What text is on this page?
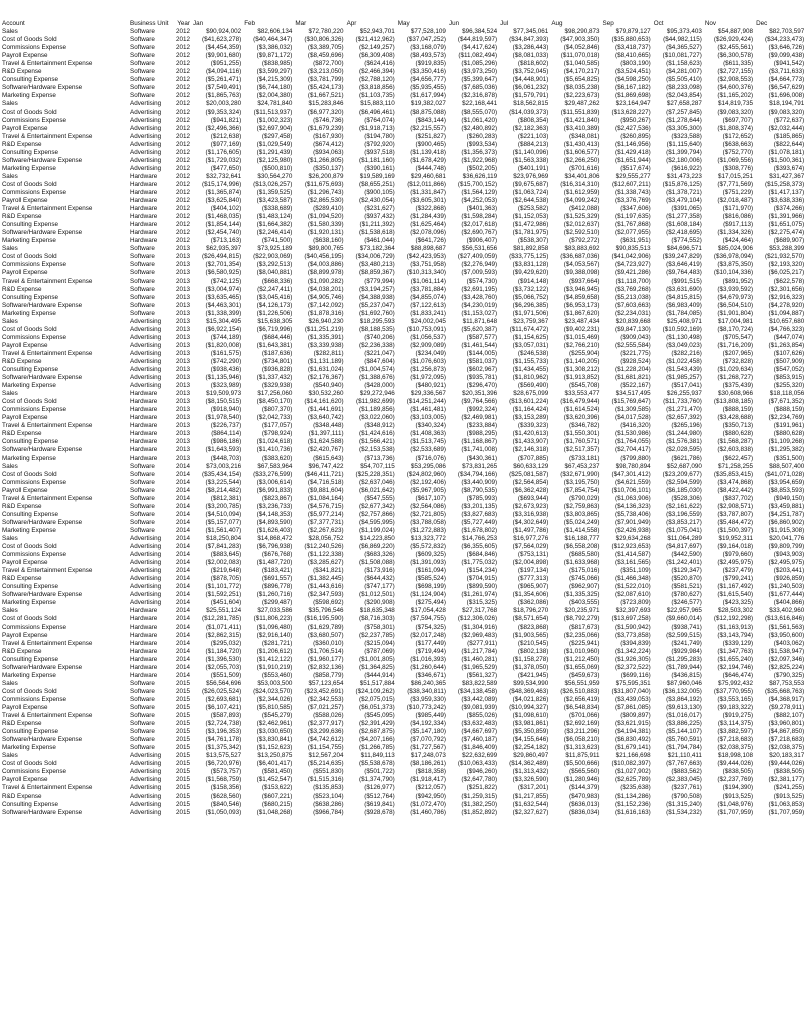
Account	Business Unit	Year	Jan	Feb	Mar	Apr	May	Jun	Jul	Aug	Sep	Oct	Nov	Dec
Sales	Software	2012	$90,924,002	$82,606,134	$72,780,220	$52,943,701	$77,528,109	$96,384,524	$77,345,061	$98,290,873	$79,879,127	$95,373,403	$54,887,908	$82,703,597
Cost of Goods Sold	Software	2012	($41,623,278)	($40,464,347)	($30,806,326)	($21,412,962)	($37,047,252)	($44,819,597)	($34,847,393)	($47,903,350)	($35,880,653)	($44,982,115)	($26,929,424)	($34,233,473)
Commissions Expense	Software	2012	($4,454,359)	($3,386,032)	($3,389,705)	($2,149,257)	($3,168,079)	($4,417,624)	($3,286,443)	($4,052,846)	($3,418,737)	($4,365,527)	($2,455,561)	($3,646,726)
Payroll Expense	Software	2012	($9,901,680)	($9,871,172)	($8,459,696)	($6,309,408)	($8,493,573)	($11,082,494)	($8,081,033)	($11,070,018)	($8,410,665)	($10,081,727)	($6,300,578)	($9,099,438)
Travel & Entertainment Expense	Software	2012	($951,255)	($838,985)	($872,700)	($624,416)	($919,835)	($1,085,296)	($818,602)	($1,040,585)	($803,190)	($1,158,623)	($611,335)	($941,542)
R&D Expense	Software	2012	($4,094,116)	($3,599,297)	($3,213,050)	($2,466,394)	($3,350,416)	($3,973,250)	($3,752,045)	($4,170,217)	($3,524,451)	($4,281,007)	($2,727,155)	($3,711,633)
Consulting Expense	Software	2012	($5,261,471)	($4,215,309)	($3,781,799)	($2,788,120)	($4,656,777)	($5,399,647)	($4,448,901)	($5,654,825)	($4,598,250)	($5,505,410)	($2,908,553)	($4,664,773)
Software/Hardware Expense	Software	2012	($7,549,491)	($6,744,180)	($5,424,173)	($3,818,856)	($5,935,455)	($7,685,036)	($6,061,232)	($8,035,238)	($6,167,182)	($8,233,098)	($4,600,376)	($6,547,629)
Marketing Expense	Software	2012	($1,865,763)	($2,004,380)	($1,667,521)	($1,103,735)	($1,617,994)	($2,316,878)	($1,579,791)	($2,223,673)	($1,869,698)	($2,043,854)	($1,165,202)	($1,696,008)
Sales	Advertising	2012	$20,003,280	$24,781,840	$15,283,846	$15,883,110	$19,382,027	$22,168,441	$18,562,815	$29,487,262	$23,164,947	$27,658,287	$14,819,735	$18,194,791
Cost of Goods Sold	Advertising	2012	($9,353,324)	($11,513,937)	($6,977,320)	($6,496,461)	($8,875,088)	($8,555,070)	($14,039,373)	($11,551,839)	($13,628,227)	($7,257,845)	($9,083,320)	($9,083,320)
Commissions Expense	Advertising	2012	($941,821)	($1,002,323)	($746,736)	($764,074)	($843,144)	($1,061,420)	($808,354)	($1,421,840)	($950,267)	($1,278,644)	($697,707)	($772,637)
Payroll Expense	Advertising	2012	($2,496,366)	($2,697,904)	($1,679,239)	($1,918,713)	($2,215,557)	($2,480,892)	($2,182,363)	($3,410,389)	($2,427,536)	($3,305,300)	($1,808,374)	($2,032,444)
Travel & Entertainment Expense	Advertising	2012	($212,638)	($297,458)	($167,930)	($194,780)	($251,827)	($260,283)	($221,103)	($348,081)	($260,895)	($323,588)	($172,652)	($185,865)
R&D Expense	Advertising	2012	($977,169)	($1,029,549)	($674,412)	($792,920)	($900,465)	($993,534)	($884,213)	($1,430,413)	($1,146,956)	($1,115,640)	($638,663)	($822,644)
Consulting Expense	Advertising	2012	($1,176,605)	($1,291,439)	($934,063)	($937,518)	($1,139,418)	($1,356,373)	($1,140,096)	($1,606,577)	($1,429,418)	($1,399,794)	($752,770)	($1,078,181)
Software/Hardware Expense	Advertising	2012	($1,729,032)	($2,125,980)	($1,266,805)	($1,181,160)	($1,678,429)	($1,922,968)	($1,563,338)	($2,266,250)	($1,651,944)	($2,180,006)	($1,069,556)	($1,500,361)
Marketing Expense	Advertising	2012	($477,650)	($500,810)	($350,137)	($390,161)	($444,748)	($502,205)	($401,191)	($701,616)	($517,674)	($616,922)	($308,776)	($393,674)
Sales	Hardware	2012	$32,732,641	$30,564,270	$26,200,879	$19,589,169	$29,460,681	$36,626,119	$23,976,969	$34,401,806	$29,555,277	$31,473,223	$17,015,251	$31,427,367
Cost of Goods Sold	Hardware	2012	($15,174,996)	($13,026,257)	($11,675,693)	($8,655,251)	($12,011,866)	($15,700,152)	($9,675,687)	($16,314,310)	($12,607,211)	($15,876,125)	($7,771,569)	($15,258,373)
Commissions Expense	Hardware	2012	($1,365,874)	($1,359,525)	($1,296,743)	($900,105)	($1,331,847)	($1,564,129)	($1,063,724)	($1,612,959)	($1,338,743)	($1,378,721)	($751,229)	($1,417,137)
Payroll Expense	Hardware	2012	($3,625,840)	($3,423,587)	($2,865,530)	($2,430,054)	($3,605,301)	($4,252,053)	($2,644,538)	($4,099,242)	($3,376,769)	($3,479,104)	($2,018,487)	($3,638,336)
Travel & Entertainment Expense	Hardware	2012	($404,102)	($338,689)	($289,410)	($231,627)	($322,868)	($401,363)	($253,582)	($412,088)	($347,606)	($391,065)	($171,970)	($374,266)
R&D Expense	Hardware	2012	($1,468,035)	($1,483,124)	($1,094,520)	($937,432)	($1,284,439)	($1,598,284)	($1,152,053)	($1,525,329)	($1,197,635)	($1,277,358)	($816,086)	($1,391,966)
Consulting Expense	Hardware	2012	($1,854,144)	($1,664,382)	($1,580,339)	($1,211,392)	($1,625,464)	($2,017,618)	($1,472,986)	($2,012,637)	($1,767,868)	($1,608,184)	($917,113)	($1,651,075)
Software/Hardware Expense	Hardware	2012	($2,454,740)	($2,246,414)	($1,920,131)	($1,538,618)	($2,078,096)	($2,690,767)	($1,781,975)	($2,592,510)	($2,077,955)	($2,418,695)	($1,334,326)	($2,275,474)
Marketing Expense	Hardware	2012	($713,163)	($741,500)	($638,160)	($461,044)	($641,726)	($906,407)	($538,307)	($792,272)	($631,951)	($774,552)	($424,464)	($689,907)
Sales	Software	2013	$62,935,397	$73,925,189	$89,800,765	$73,182,364	$88,898,687	$56,531,656	$81,892,858	$83,883,692	$90,835,513	$84,696,571	$85,024,906	$53,288,399
Cost of Goods Sold	Software	2013	($26,494,815)	($22,903,069)	($40,456,195)	($34,006,729)	($42,423,953)	($27,409,059)	($33,775,125)	($36,687,036)	($41,042,906)	($39,247,829)	($36,978,094)	($21,932,570)
Commissions Expense	Software	2013	($2,701,354)	($3,292,513)	($4,003,886)	($3,480,213)	($3,751,958)	($2,276,949)	($3,831,128)	($4,053,567)	($4,723,927)	($3,646,419)	($3,875,350)	($2,193,320)
Payroll Expense	Software	2013	($6,580,925)	($8,040,881)	($8,899,978)	($8,859,367)	($10,313,340)	($7,009,593)	($9,429,620)	($9,388,098)	($9,421,286)	($9,764,483)	($10,104,336)	($6,025,217)
Travel & Entertainment Expense	Software	2013	($742,125)	($668,336)	($1,090,282)	($779,994)	($1,061,114)	($574,730)	($914,148)	($937,664)	($1,118,700)	($991,515)	($891,952)	($622,578)
R&D Expense	Software	2013	($3,004,974)	($2,247,411)	($4,038,201)	($3,194,257)	($3,781,884)	($2,691,195)	($3,732,122)	($3,946,945)	($3,769,268)	($3,631,690)	($3,939,592)	($2,301,656)
Consulting Expense	Software	2013	($3,635,465)	($3,045,416)	($4,905,746)	($4,388,938)	($4,855,074)	($3,428,760)	($5,066,752)	($4,859,658)	($5,213,038)	($4,815,815)	($4,679,973)	($2,916,323)
Software/Hardware Expense	Software	2013	($4,463,301)	($4,126,173)	($7,142,092)	($5,237,047)	($7,122,613)	($4,230,019)	($6,296,385)	($6,953,173)	($7,603,663)	($6,983,409)	($6,504,510)	($4,278,920)
Marketing Expense	Software	2013	($1,338,399)	($1,226,506)	($1,878,316)	($1,692,760)	($1,833,241)	($1,153,027)	($1,971,506)	($1,867,620)	($2,234,031)	($1,784,085)	($1,901,804)	($1,094,887)
Sales	Advertising	2013	$15,304,495	$15,638,305	$26,940,230	$18,295,593	$24,002,045	$11,871,648	$23,759,367	$23,487,434	$20,839,668	$25,408,971	$17,004,981	$10,657,680
Cost of Goods Sold	Advertising	2013	($6,922,154)	($6,719,996)	($11,251,219)	($8,188,535)	($10,753,091)	($5,620,387)	($11,674,472)	($9,402,231)	($9,847,130)	($10,592,169)	($8,170,724)	($4,766,323)
Commissions Expense	Advertising	2013	($744,189)	($684,446)	($1,335,391)	($740,206)	($1,056,537)	($587,577)	($1,154,625)	($1,015,469)	($909,043)	($1,130,498)	($705,547)	($447,074)
Payroll Expense	Advertising	2013	($1,820,008)	($1,643,381)	($3,339,938)	($2,236,338)	($2,909,089)	($1,461,544)	($3,057,031)	($2,766,210)	($2,555,584)	($3,049,023)	($1,716,209)	($1,263,854)
Travel & Entertainment Expense	Advertising	2013	($161,575)	($187,636)	($282,811)	($221,047)	($234,049)	($144,005)	($246,538)	($255,904)	($221,775)	($282,216)	($207,965)	($107,626)
R&D Expense	Advertising	2013	($742,290)	($734,801)	($1,131,189)	($847,604)	($1,076,603)	($581,037)	($1,155,733)	($1,140,205)	($928,524)	($1,022,458)	($732,828)	($507,909)
Consulting Expense	Advertising	2013	($938,436)	($936,828)	($1,631,024)	($1,004,574)	($1,256,873)	($602,967)	($1,434,455)	($1,308,212)	($1,228,204)	($1,543,439)	($1,029,634)	($547,052)
Software/Hardware Expense	Advertising	2013	($1,135,946)	($1,337,432)	($2,176,367)	($1,388,676)	($1,972,095)	($935,781)	($1,810,962)	($1,913,852)	($1,681,821)	($1,985,257)	($1,268,727)	($853,915)
Marketing Expense	Advertising	2013	($323,989)	($329,938)	($540,940)	($428,000)	($480,921)	($296,470)	($569,490)	($545,708)	($522,167)	($517,041)	($375,439)	($255,320)
Sales	Hardware	2013	$19,509,973	$17,256,060	$30,532,260	$29,272,946	$29,336,567	$20,351,396	$28,675,099	$33,553,477	$34,517,495	$26,255,937	$30,608,966	$18,118,056
Cost of Goods Sold	Hardware	2013	($8,150,515)	($8,450,170)	($14,161,620)	($11,982,699)	($14,251,244)	($9,764,566)	($13,601,224)	($16,479,944)	($15,769,647)	($11,733,760)	($13,808,185)	($7,671,352)
Commissions Expense	Hardware	2013	($918,940)	($807,370)	($1,441,691)	($1,189,856)	($1,461,481)	($992,324)	($1,164,424)	($1,614,524)	($1,309,585)	($1,271,470)	($888,159)	($888,159)
Payroll Expense	Hardware	2013	($1,978,540)	($2,042,733)	($3,640,742)	($3,022,060)	($3,103,005)	($2,469,981)	($3,153,289)	($3,620,396)	($4,017,528)	($2,657,392)	($3,428,688)	($2,234,769)
Travel & Entertainment Expense	Hardware	2013	($226,737)	($177,057)	($348,448)	($348,912)	($340,324)	($233,884)	($339,323)	($346,782)	($416,320)	($265,196)	($350,713)	($191,961)
R&D Expense	Hardware	2013	($864,114)	($798,924)	($1,397,111)	($1,424,616)	($1,408,363)	($988,295)	($1,420,613)	($1,550,301)	($1,530,986)	($1,244,980)	($880,628)	($880,628)
Consulting Expense	Hardware	2013	($986,186)	($1,024,618)	($1,624,588)	($1,566,421)	($1,513,745)	($1,168,867)	($1,433,907)	($1,760,571)	($1,764,055)	($1,576,381)	($1,568,287)	($1,109,268)
Software/Hardware Expense	Hardware	2013	($1,643,593)	($1,410,736)	($2,420,767)	($2,153,538)	($2,533,689)	($1,741,008)	($2,146,318)	($2,517,357)	($2,704,417)	($2,028,595)	($2,603,838)	($1,295,382)
Marketing Expense	Hardware	2013	($448,703)	($383,620)	($615,643)	($713,736)	($716,076)	($430,361)	($707,885)	($733,181)	($799,880)	($621,786)	($622,457)	($351,500)
Sales	Software	2014	$73,003,216	$67,583,964	$96,747,422	$54,707,115	$53,295,086	$73,831,265	$60,633,129	$67,453,237	$98,780,894	$52,687,090	$71,258,255	$88,507,400
Cost of Goods Sold	Software	2014	($35,434,154)	($33,276,599)	($46,411,721)	($25,228,351)	($24,802,960)	($34,794,166)	($25,081,587)	($32,671,990)	($47,301,412)	($23,209,677)	($35,853,415)	($41,071,028)
Commissions Expense	Software	2014	($3,225,544)	($3,006,614)	($4,716,518)	($2,637,046)	($2,192,406)	($3,440,909)	($2,564,854)	($3,195,750)	($4,621,559)	($2,594,599)	($3,474,868)	($3,954,659)
Payroll Expense	Software	2014	($8,214,482)	($6,991,833)	($9,881,604)	($6,021,642)	($5,967,905)	($8,790,535)	($6,362,428)	($7,854,754)	($10,706,101)	($6,185,030)	($8,422,442)	($8,853,593)
Travel & Entertainment Expense	Software	2014	($812,381)	($823,867)	($1,084,164)	($547,555)	($617,107)	($785,993)	($693,944)	($790,029)	($1,063,906)	($528,306)	($837,702)	($949,150)
R&D Expense	Software	2014	($3,200,785)	($3,236,733)	($4,576,715)	($2,677,342)	($2,564,086)	($3,201,135)	($2,673,923)	($2,759,863)	($4,136,323)	($2,161,622)	($2,908,571)	($3,459,881)
Consulting Expense	Software	2014	($4,510,094)	($4,148,353)	($5,977,214)	($2,757,866)	($2,721,805)	($3,827,683)	($3,316,938)	($3,803,865)	($5,738,406)	($3,196,559)	($3,787,807)	($4,251,787)
Software/Hardware Expense	Software	2014	($5,157,077)	($4,893,590)	($7,377,731)	($4,595,995)	($3,788,058)	($5,727,449)	($4,302,649)	($5,024,249)	($7,901,949)	($3,853,217)	($5,484,472)	($6,860,902)
Marketing Expense	Software	2014	($1,561,407)	($1,626,403)	($2,267,623)	($1,199,024)	($1,272,883)	($1,678,802)	($1,497,786)	($1,414,558)	($2,426,938)	($1,075,041)	($1,500,397)	($1,915,308)
Sales	Advertising	2014	$18,250,804	$14,868,472	$28,056,752	$14,223,850	$13,323,772	$14,766,253	$16,977,276	$16,188,777	$29,634,268	$11,064,289	$19,952,311	$20,041,776
Cost of Goods Sold	Advertising	2014	($7,841,283)	($6,796,938)	($12,240,526)	($6,869,220)	($5,572,832)	($6,355,605)	($7,564,029)	($6,558,208)	($12,923,653)	($4,817,697)	($9,164,018)	($9,809,799)
Commissions Expense	Advertising	2014	($883,645)	($676,768)	($1,122,338)	($683,326)	($609,325)	($684,846)	($753,131)	($685,580)	($1,414,587)	($442,590)	($979,660)	($943,903)
Payroll Expense	Advertising	2014	($2,002,083)	($1,487,720)	($3,285,627)	($1,508,088)	($1,391,093)	($1,775,032)	($2,004,898)	($1,633,968)	($3,161,565)	($1,242,401)	($2,495,975)	($2,495,975)
Travel & Entertainment Expense	Advertising	2014	($219,648)	($183,421)	($341,821)	($173,916)	($161,094)	($154,234)	($197,134)	($175,016)	($351,109)	($129,347)	($237,479)	($203,441)
R&D Expense	Advertising	2014	($878,705)	($691,557)	($1,382,445)	($644,432)	($585,524)	($704,915)	($777,313)	($745,066)	($1,466,348)	($520,870)	($799,241)	($926,859)
Consulting Expense	Advertising	2014	($1,101,772)	($896,778)	($1,443,616)	($747,177)	($698,199)	($899,590)	($965,907)	($962,907)	($1,522,010)	($581,521)	($1,167,492)	($1,240,503)
Software/Hardware Expense	Advertising	2014	($1,592,251)	($1,260,716)	($2,347,593)	($1,012,501)	($1,124,904)	($1,261,974)	($1,354,606)	($1,335,325)	($2,087,610)	($780,627)	($1,615,540)	($1,677,444)
Marketing Expense	Advertising	2014	($451,604)	($299,487)	($598,692)	($290,908)	($275,494)	($315,325)	($362,086)	($403,555)	($723,809)	($246,577)	($423,325)	($404,866)
Sales	Hardware	2014	$25,551,124	$27,033,586	$35,796,546	$18,635,348	$17,054,428	$27,317,768	$18,796,270	$20,235,971	$32,397,693	$22,957,965	$28,503,302	$33,402,960
Cost of Goods Sold	Hardware	2014	($12,281,785)	($11,806,223)	($16,195,590)	($8,716,303)	($7,594,755)	($12,306,026)	($8,571,654)	($8,792,279)	($13,697,258)	($9,660,014)	($12,192,298)	($13,616,846)
Commissions Expense	Hardware	2014	($1,071,411)	($1,096,480)	($1,629,789)	($758,301)	($754,325)	($1,304,916)	($823,868)	($817,673)	($1,590,942)	($938,741)	($1,163,913)	($1,561,563)
Payroll Expense	Hardware	2014	($2,862,315)	($2,916,140)	($3,680,507)	($2,237,785)	($2,017,248)	($2,969,483)	($1,903,565)	($2,235,066)	($3,773,858)	($2,599,515)	($3,143,794)	($3,950,600)
Travel & Entertainment Expense	Hardware	2014	($295,032)	($281,721)	($360,010)	($215,094)	($177,449)	($277,911)	($210,545)	($225,941)	($394,839)	($241,749)	($339,129)	($403,062)
R&D Expense	Hardware	2014	($1,184,720)	($1,206,612)	($1,706,514)	($787,069)	($719,494)	($1,217,784)	($802,138)	($1,010,960)	($1,342,224)	($929,984)	($1,347,763)	($1,538,947)
Consulting Expense	Hardware	2014	($1,396,530)	($1,412,122)	($1,960,177)	($1,001,805)	($1,016,393)	($1,460,281)	($1,158,278)	($1,212,450)	($1,926,305)	($1,295,283)	($1,655,240)	($2,097,346)
Software/Hardware Expense	Hardware	2014	($2,055,703)	($1,910,219)	($2,832,136)	($1,364,825)	($1,260,644)	($1,965,529)	($1,378,050)	($1,655,069)	($2,372,522)	($1,789,944)	($2,194,746)	($2,825,224)
Marketing Expense	Hardware	2014	($551,509)	($553,460)	($858,779)	($444,914)	($346,671)	($561,327)	($421,945)	($459,673)	($699,116)	($436,815)	($646,474)	($790,325)
Sales	Software	2015	$56,564,696	$53,003,500	$57,123,654	$51,517,884	$86,240,365	$83,822,589	$99,534,990	$56,551,959	$75,595,351	$87,960,046	$75,992,432	$87,753,553
Cost of Goods Sold	Software	2015	($26,025,524)	($24,023,570)	($23,452,691)	($24,109,262)	($38,340,811)	($34,138,458)	($48,369,463)	($26,510,883)	($31,807,040)	($36,132,005)	($37,770,955)	($35,668,763)
Commissions Expense	Software	2015	($2,693,681)	($2,344,026)	($2,342,553)	($2,075,015)	($3,959,330)	($3,442,089)	($4,021,826)	($2,656,419)	($3,439,053)	($3,864,192)	($3,553,165)	($4,368,917)
Payroll Expense	Software	2015	($6,107,421)	($5,810,585)	($7,021,257)	($6,051,373)	($10,773,242)	($9,081,939)	($10,994,327)	($6,548,834)	($7,861,085)	($9,613,130)	($9,183,322)	($9,278,911)
Travel & Entertainment Expense	Software	2015	($587,893)	($545,279)	($588,026)	($545,095)	($985,449)	($855,026)	($1,098,610)	($701,066)	($809,897)	($1,016,017)	($919,275)	($882,107)
R&D Expense	Software	2015	($2,724,738)	($2,462,961)	($2,377,917)	($2,391,429)	($4,192,334)	($3,632,483)	($3,981,861)	($2,692,169)	($3,621,915)	($3,886,225)	($3,114,375)	($3,960,801)
Consulting Expense	Software	2015	($3,196,353)	($3,030,650)	($3,299,636)	($2,687,875)	($5,147,180)	($4,667,697)	($5,350,859)	($3,211,296)	($4,194,381)	($5,144,107)	($3,882,597)	($4,867,850)
Software/Hardware Expense	Software	2015	($4,761,178)	($3,830,841)	($4,742,612)	($4,207,166)	($7,070,792)	($7,460,187)	($4,155,646)	($6,058,210)	($6,830,492)	($5,760,591)	($7,218,683)	($7,218,683)
Marketing Expense	Software	2015	($1,375,342)	($1,152,623)	($1,154,755)	($1,266,785)	($1,727,567)	($1,846,409)	($2,254,182)	($1,313,623)	($1,679,141)	($1,794,784)	($2,038,375)	($2,038,375)
Sales	Advertising	2015	$13,575,527	$13,250,875	$12,567,204	$11,849,113	$17,248,073	$22,632,699	$29,860,497	$11,875,911	$21,166,698	$21,110,411	$18,998,108	$20,183,317
Cost of Goods Sold	Advertising	2015	($6,720,976)	($6,401,417)	($5,214,635)	($5,538,678)	($8,186,261)	($10,063,433)	($14,362,489)	($5,500,666)	($10,082,397)	($7,767,663)	($9,444,026)	($9,444,026)
Commissions Expense	Advertising	2015	($573,757)	($581,450)	($551,830)	($501,722)	($818,358)	($946,260)	($1,313,432)	($565,560)	($1,027,902)	($883,562)	($838,505)	($838,505)
Payroll Expense	Advertising	2015	($1,568,759)	($1,452,547)	($1,515,316)	($1,374,790)	($1,918,417)	($2,647,780)	($3,326,590)	($1,280,946)	($2,625,789)	($2,383,045)	($2,237,769)	($2,381,177)
Travel & Entertainment Expense	Advertising	2015	($158,356)	($153,622)	($135,853)	($126,977)	($212,057)	($251,822)	($317,201)	($144,379)	($235,638)	($237,761)	($194,390)	($241,255)
R&D Expense	Advertising	2015	($628,560)	($607,221)	($523,104)	($512,764)	($942,950)	($1,259,315)	($1,217,855)	($470,983)	($1,134,286)	($790,508)	($913,525)	($913,525)
Consulting Expense	Advertising	2015	($840,546)	($680,215)	($638,286)	($619,841)	($1,072,470)	($1,382,250)	($1,632,544)	($636,013)	($1,152,236)	($1,315,240)	($1,048,976)	($1,063,853)
Software/Hardware Expense	Advertising	2015	($1,050,093)	($1,048,268)	($966,784)	($928,678)	($1,460,786)	($1,852,892)	($2,327,627)	($836,034)	($1,616,163)	($1,534,232)	($1,707,959)	($1,707,959)
